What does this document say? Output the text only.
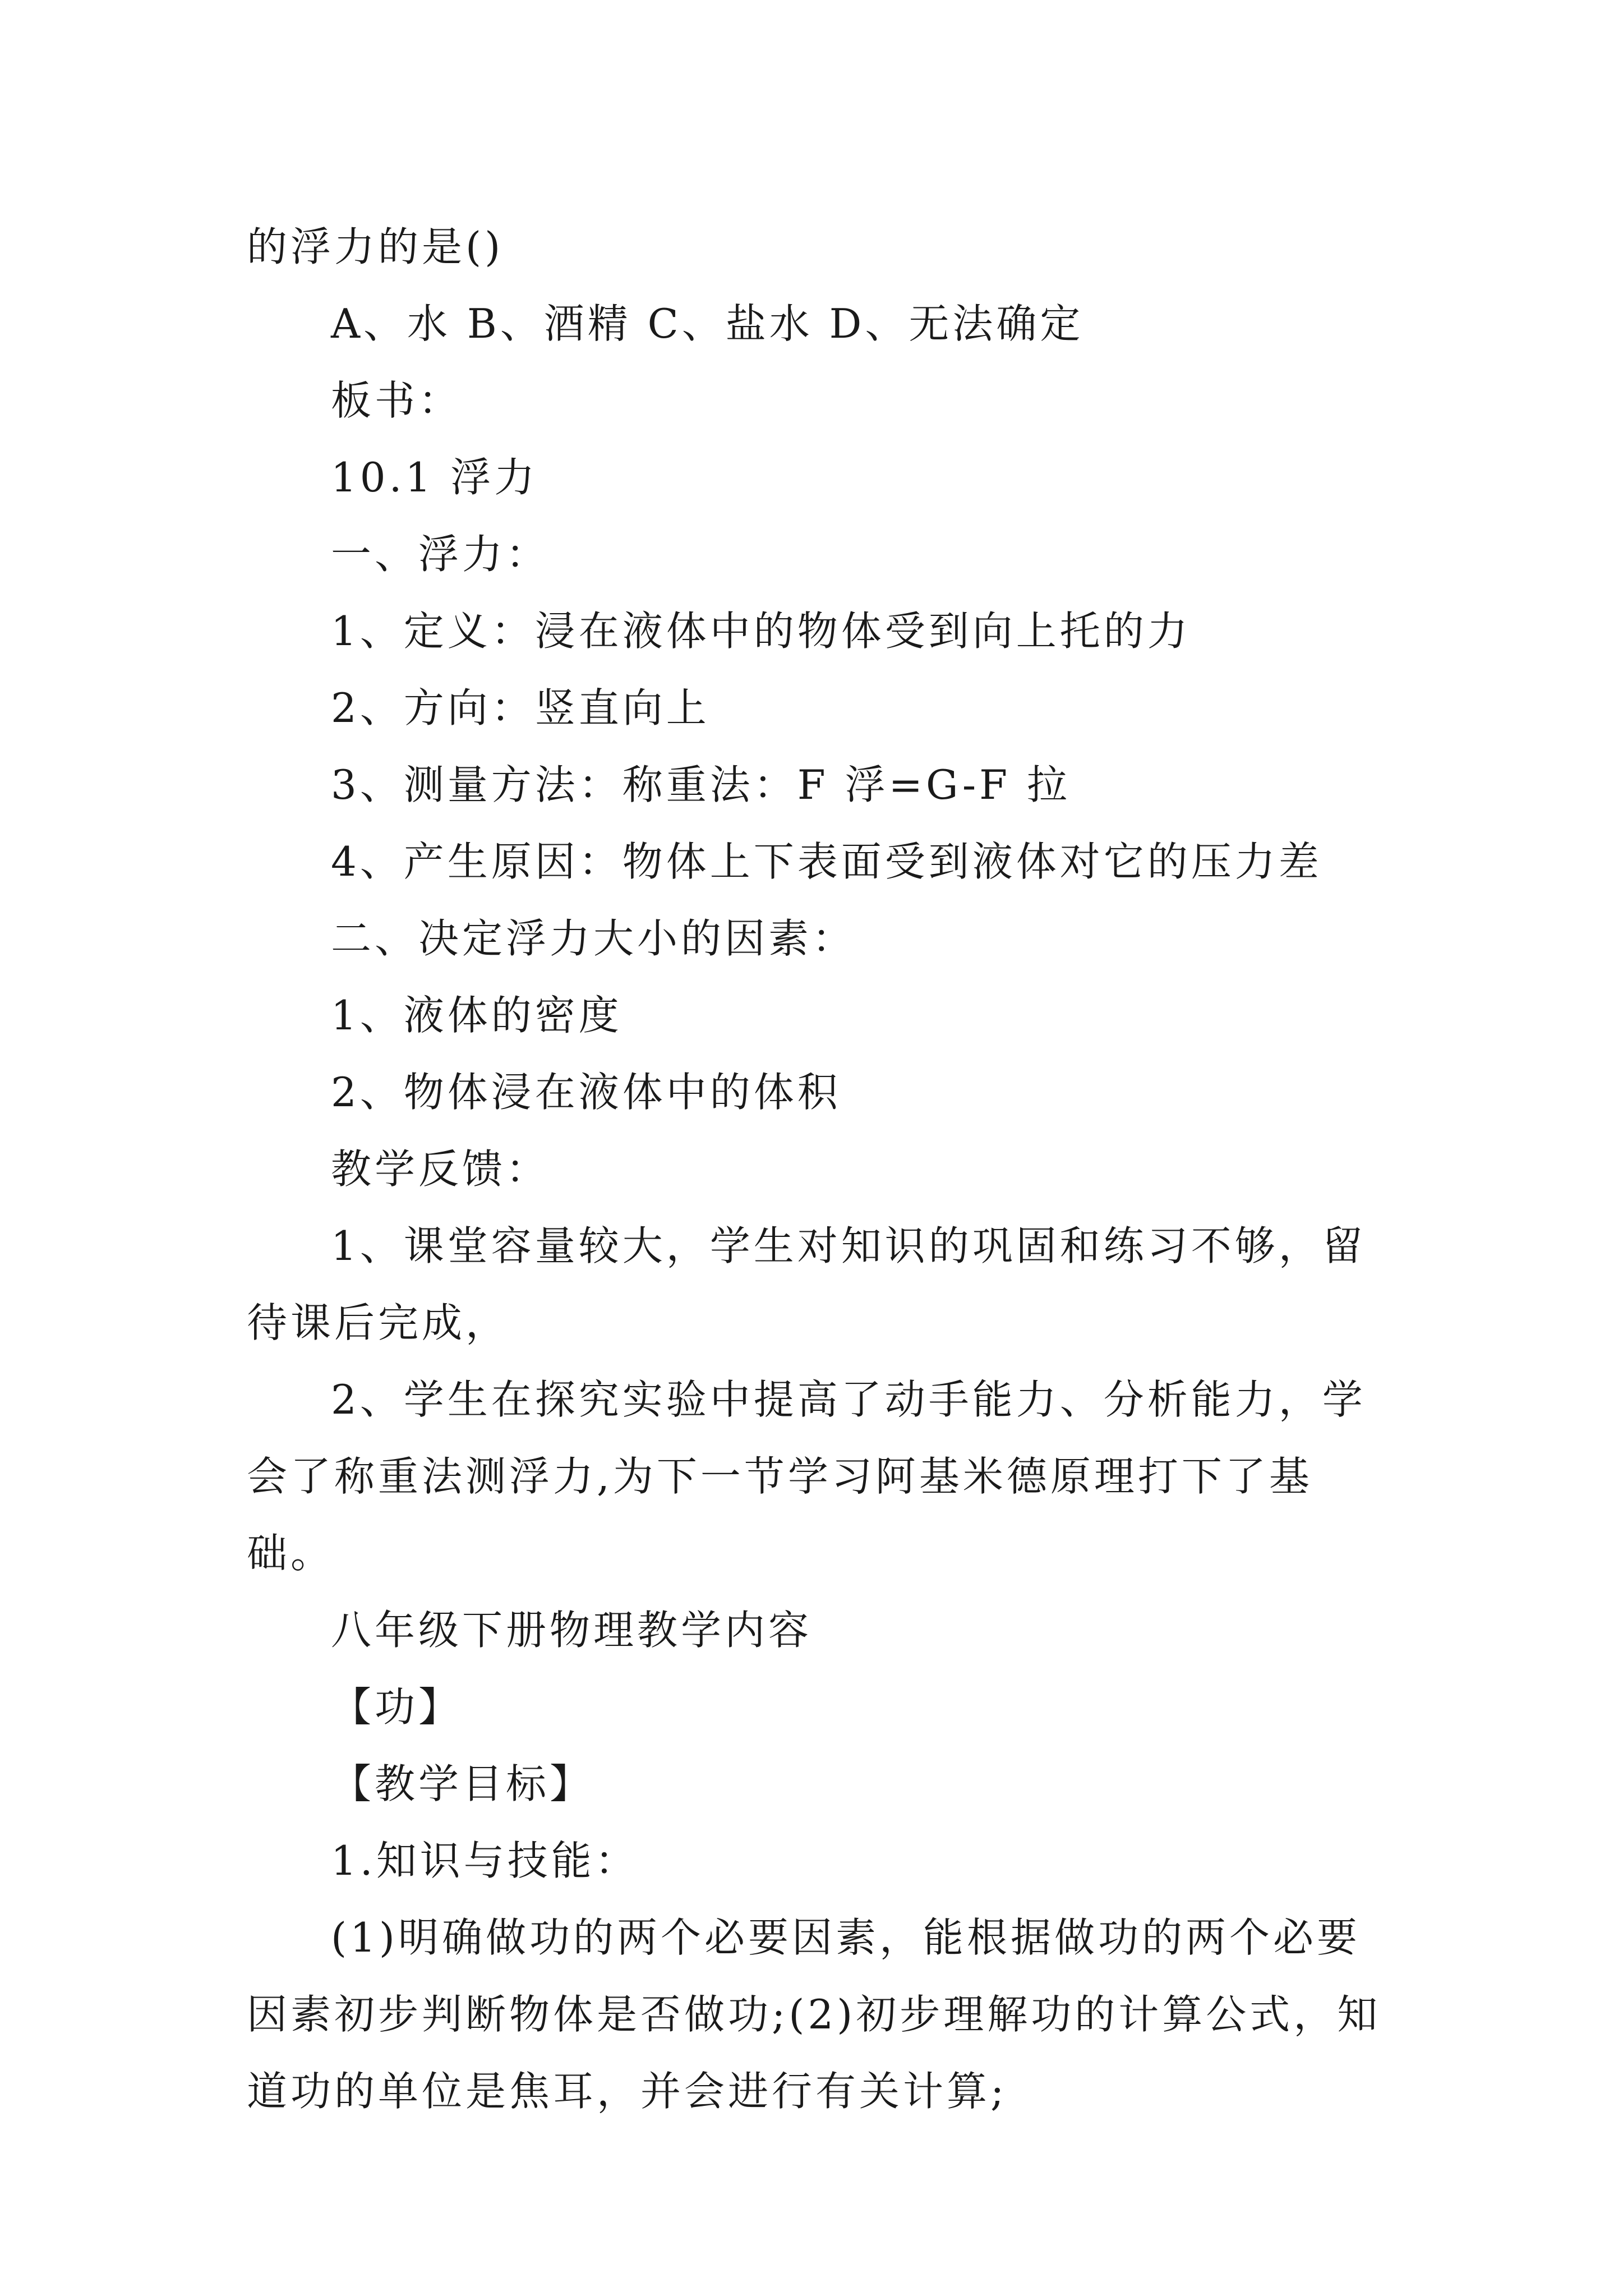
的浮力的是()

A、水 B、酒精 C、盐水 D、无法确定

板书：

10.1 浮力

一、浮力：

1、定义：浸在液体中的物体受到向上托的力

2、方向：竖直向上

3、测量方法：称重法：F 浮=G-F 拉

4、产生原因：物体上下表面受到液体对它的压力差

二、决定浮力大小的因素：

1、液体的密度

2、物体浸在液体中的体积

教学反馈：

1、课堂容量较大，学生对知识的巩固和练习不够，留待课后完成，

2、学生在探究实验中提高了动手能力、分析能力，学会了称重法测浮力,为下一节学习阿基米德原理打下了基础。

八年级下册物理教学内容

【功】

【教学目标】

1.知识与技能：

(1)明确做功的两个必要因素，能根据做功的两个必要因素初步判断物体是否做功;(2)初步理解功的计算公式，知道功的单位是焦耳，并会进行有关计算;
